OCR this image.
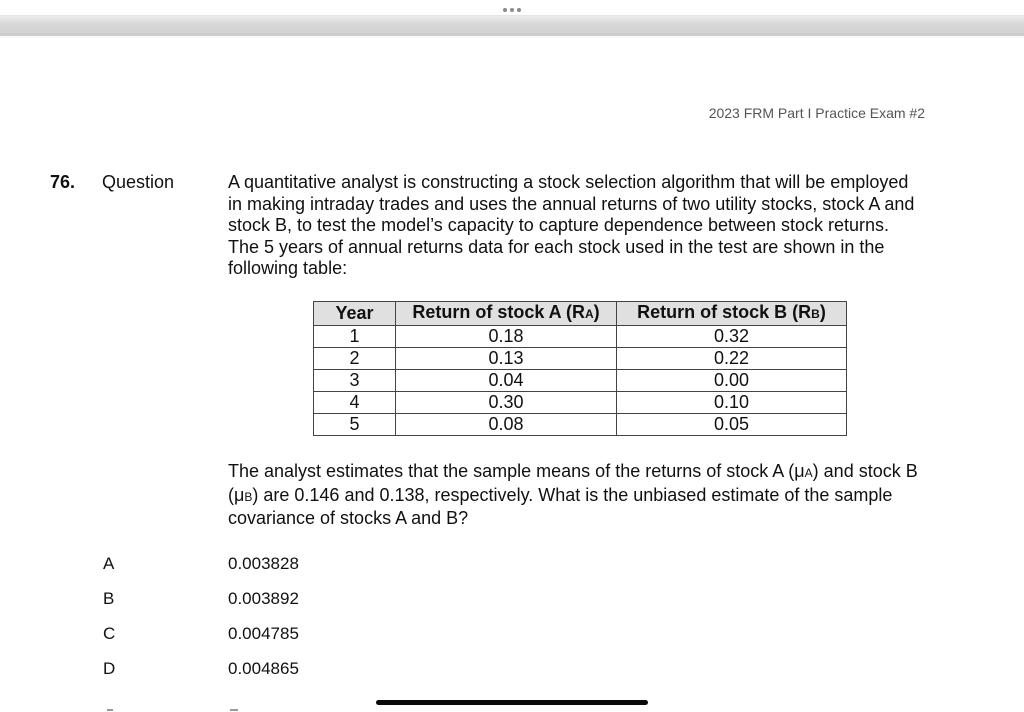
2023 FRM Part I Practice Exam #2
76. Question	A quantitative analyst is constructing a stock selection algorithm that will be employed in making intraday trades and uses the annual returns of two utility stocks, stock A and stock B, to test the model’s capacity to capture dependence between stock returns. The 5 years of annual returns data for each stock used in the test are shown in the following table:
Year	Return of stock A (RA)	Return of stock B (RB)
1	0.18	0.32
2	0.13	0.22
3	0.04	0.00
4	0.30	0.10
5	0.08	0.05
The analyst estimates that the sample means of the returns of stock A (μA) and stock B (μB) are 0.146 and 0.138, respectively. What is the unbiased estimate of the sample covariance of stocks A and B?
A	0.003828
B	0.003892
C	0.004785
D	0.004865
